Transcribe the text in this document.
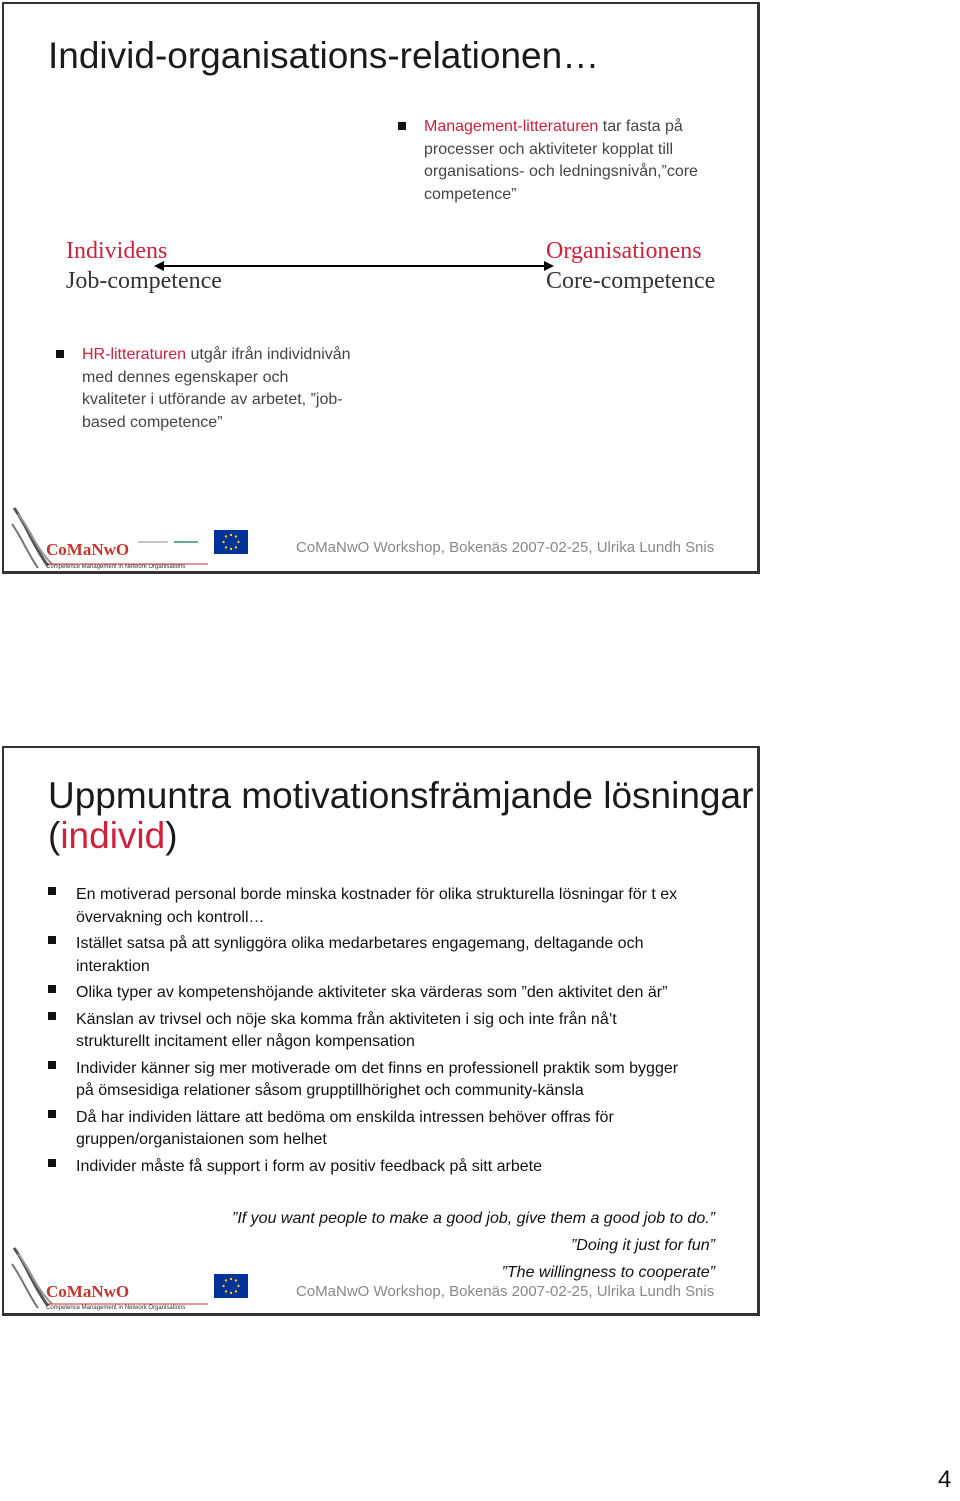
Individ-organisations-relationen…
Management-litteraturen tar fasta på
processer och aktiviteter kopplat till
organisations- och ledningsnivån,”core
competence”
Individens
Job-competence
Organisationens
Core-competence
HR-litteraturen utgår ifrån individnivån
med dennes egenskaper och
kvaliteter i utförande av arbetet, ”job-
based competence”
CoMaNwO
Competence Management in Network Organisations
CoMaNwO Workshop, Bokenäs 2007-02-25, Ulrika Lundh Snis
Uppmuntra motivationsfrämjande lösningar
(individ)
En motiverad personal borde minska kostnader för olika strukturella lösningar för t ex
övervakning och kontroll…
Istället satsa på att synliggöra olika medarbetares engagemang, deltagande och
interaktion
Olika typer av kompetenshöjande aktiviteter ska värderas som ”den aktivitet den är”
Känslan av trivsel och nöje ska komma från aktiviteten i sig och inte från nå’t
strukturellt incitament eller någon kompensation
Individer känner sig mer motiverade om det finns en professionell praktik som bygger
på ömsesidiga relationer såsom grupptillhörighet och community-känsla
Då har individen lättare att bedöma om enskilda intressen behöver offras för
gruppen/organistaionen som helhet
Individer måste få support i form av positiv feedback på sitt arbete
”If you want people to make a good job, give them a good job to do.”
”Doing it just for fun”
”The willingness to cooperate”
CoMaNwO
Competence Management in Network Organisations
CoMaNwO Workshop, Bokenäs 2007-02-25, Ulrika Lundh Snis
4
